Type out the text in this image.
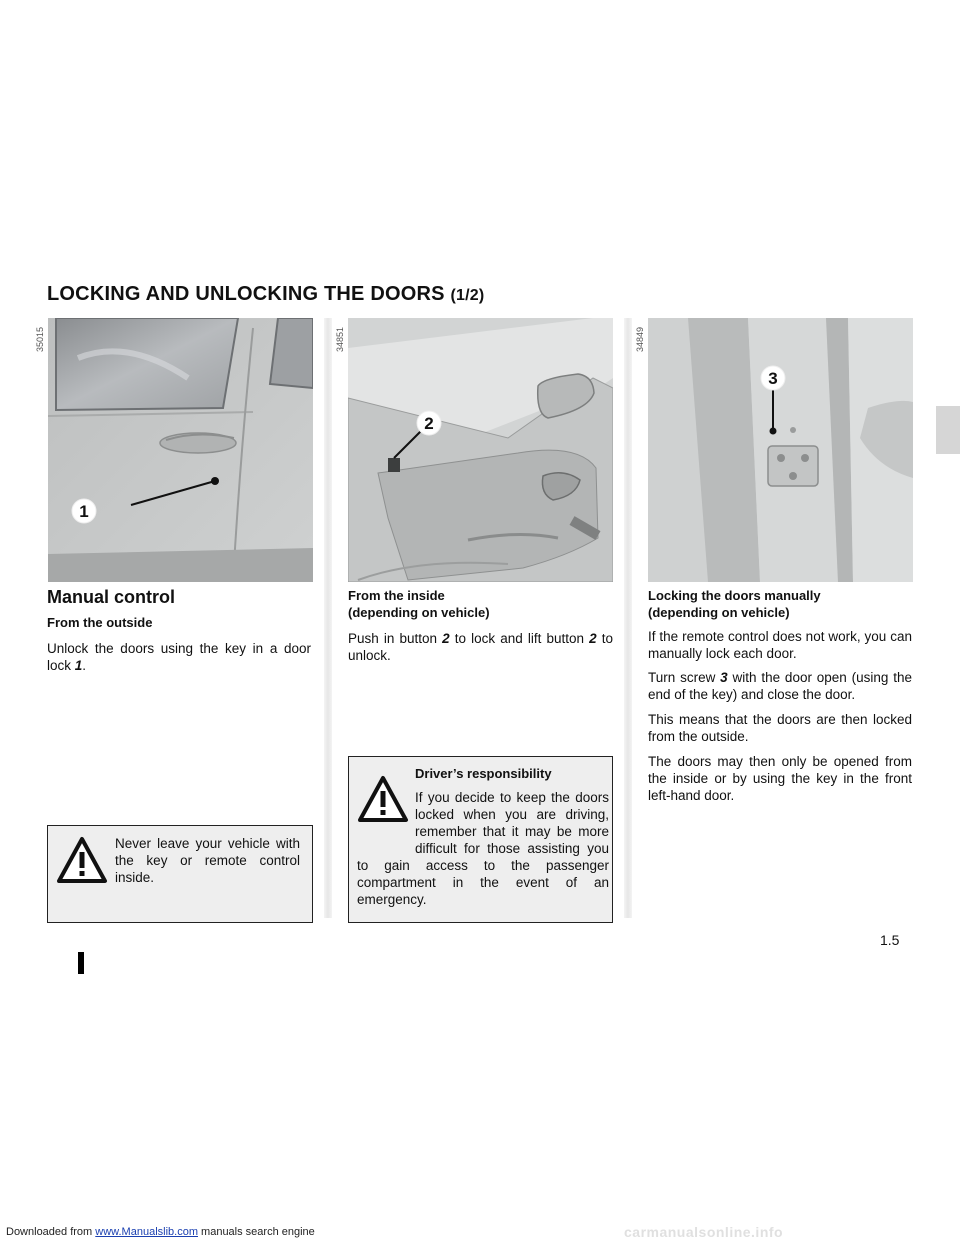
Downloaded from www.Manualslib.com manuals search engine
LOCKING AND UNLOCKING THE DOORS (1/2)
1
35015
2
34851
3
34849
Manual control
From the outside
Unlock the doors using the key in a door lock 1.
Never leave your vehicle with the key or remote control inside.
From the inside
(depending on vehicle)
Push in button 2 to lock and lift button 2 to unlock.
Driver’s responsibility
If you decide to keep the doors locked when you are driving, remember that it may be more difficult for those assisting you to gain access to the passenger compartment in the event of an emergency.
Locking the doors manually
(depending on vehicle)
If the remote control does not work, you can manually lock each door.
Turn screw 3 with the door open (using the end of the key) and close the door.
This means that the doors are then locked from the outside.
The doors may then only be opened from the inside or by using the key in the front left-hand door.
1.5
carmanualsonline.info
